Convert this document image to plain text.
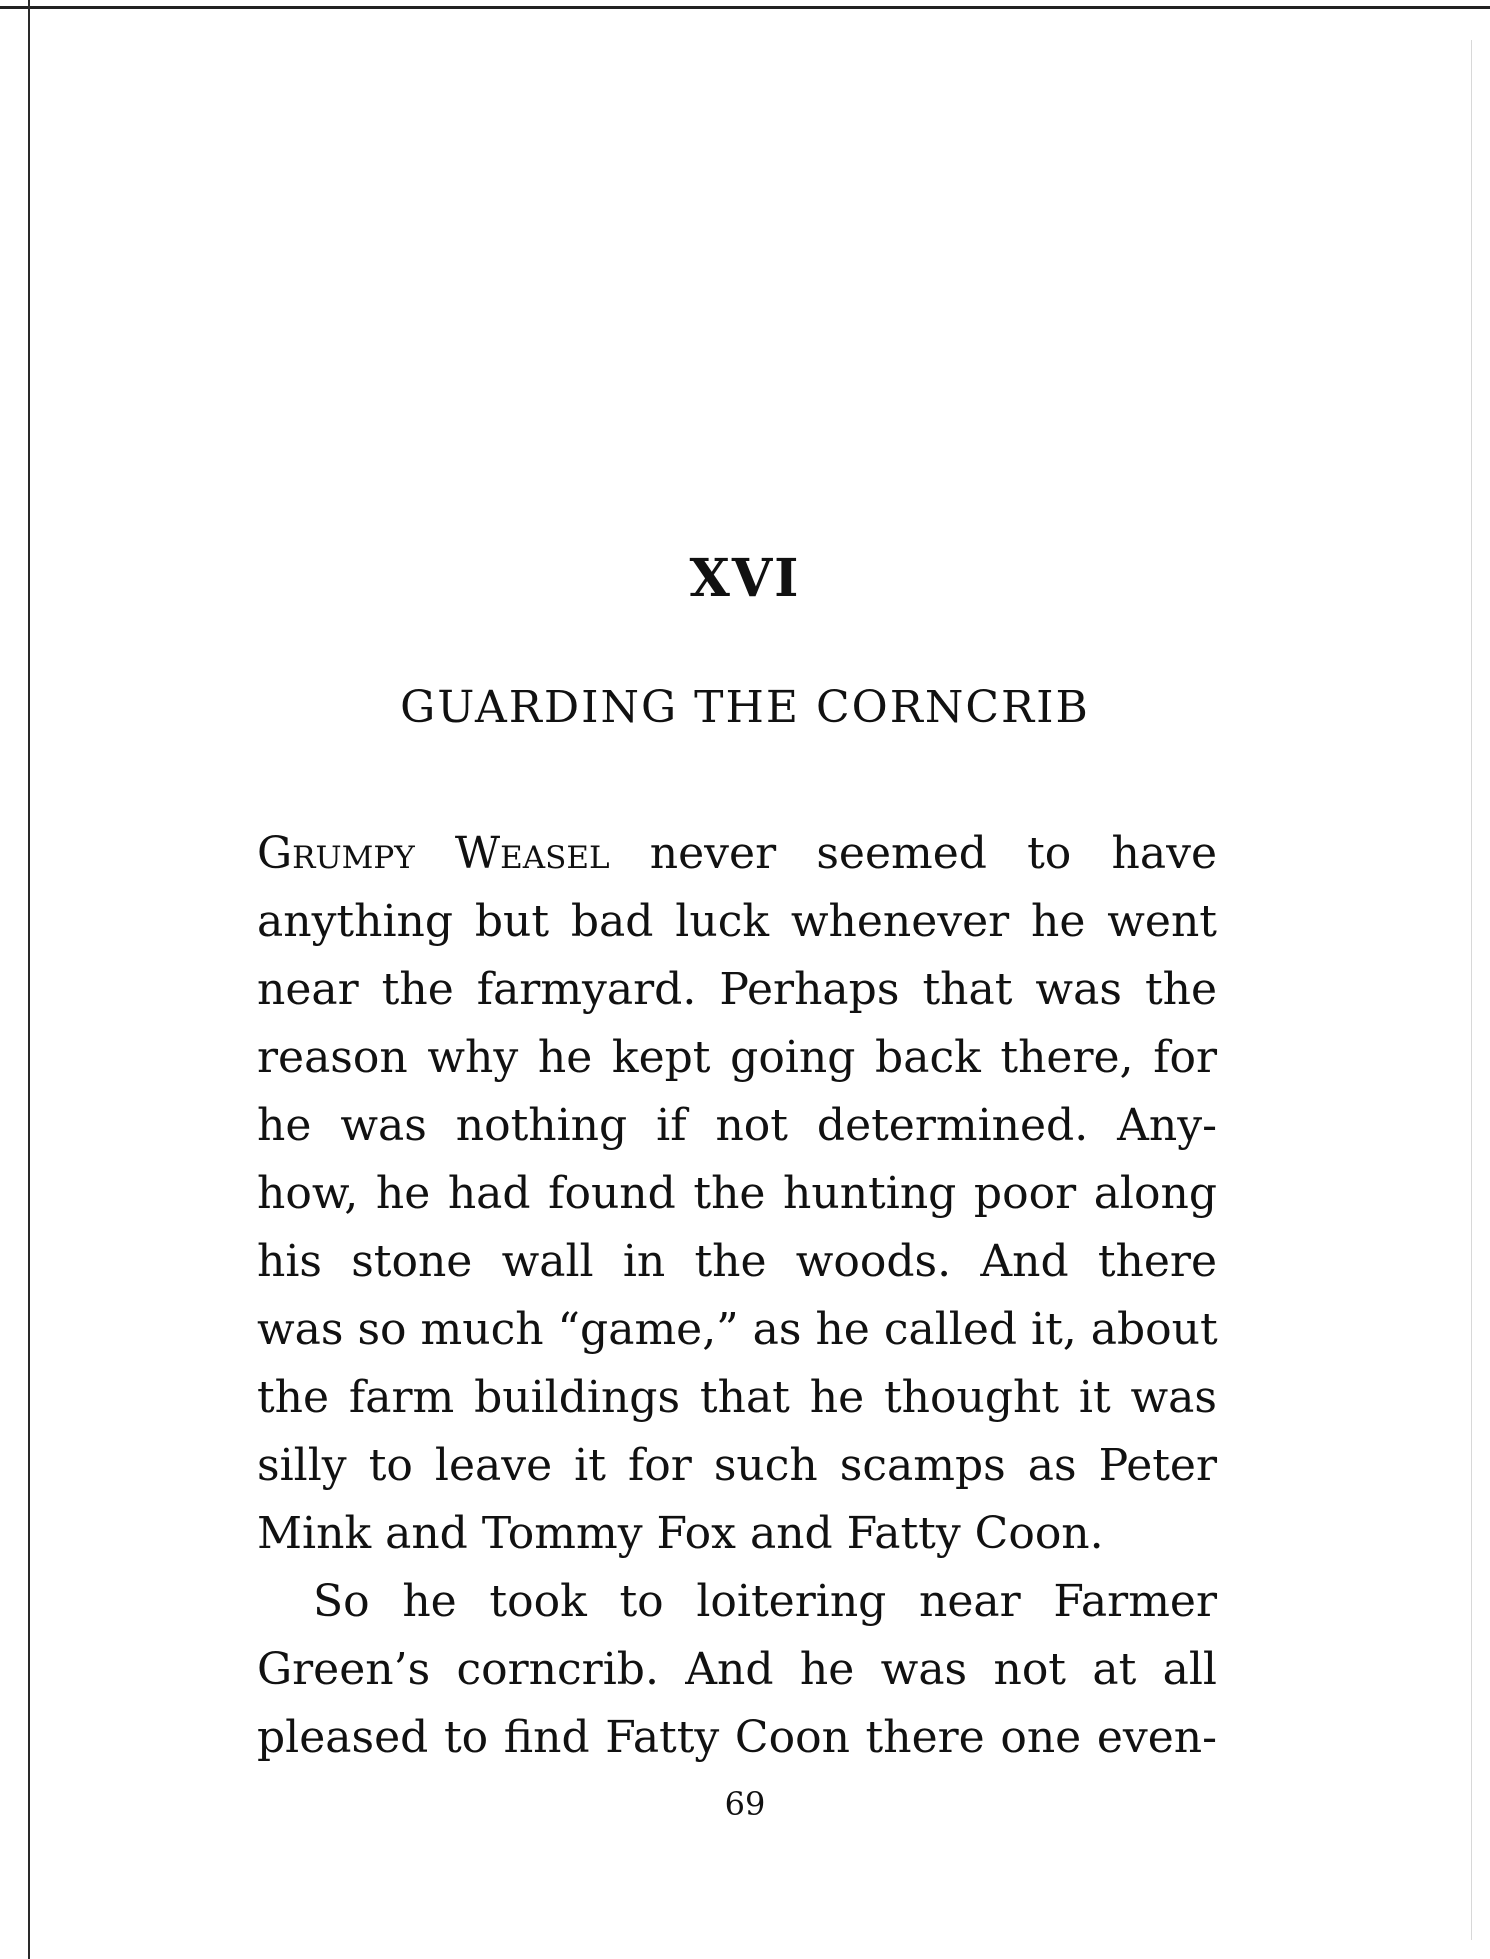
XVI
GUARDING THE CORNCRIB

Grumpy Weasel never seemed to have
anything but bad luck whenever he went
near the farmyard. Perhaps that was the
reason why he kept going back there, for
he was nothing if not determined. Any-
how, he had found the hunting poor along
his stone wall in the woods. And there
was so much “game,” as he called it, about
the farm buildings that he thought it was
silly to leave it for such scamps as Peter
Mink and Tommy Fox and Fatty Coon.

So he took to loitering near Farmer
Green’s corncrib. And he was not at all
pleased to find Fatty Coon there one even-

69
